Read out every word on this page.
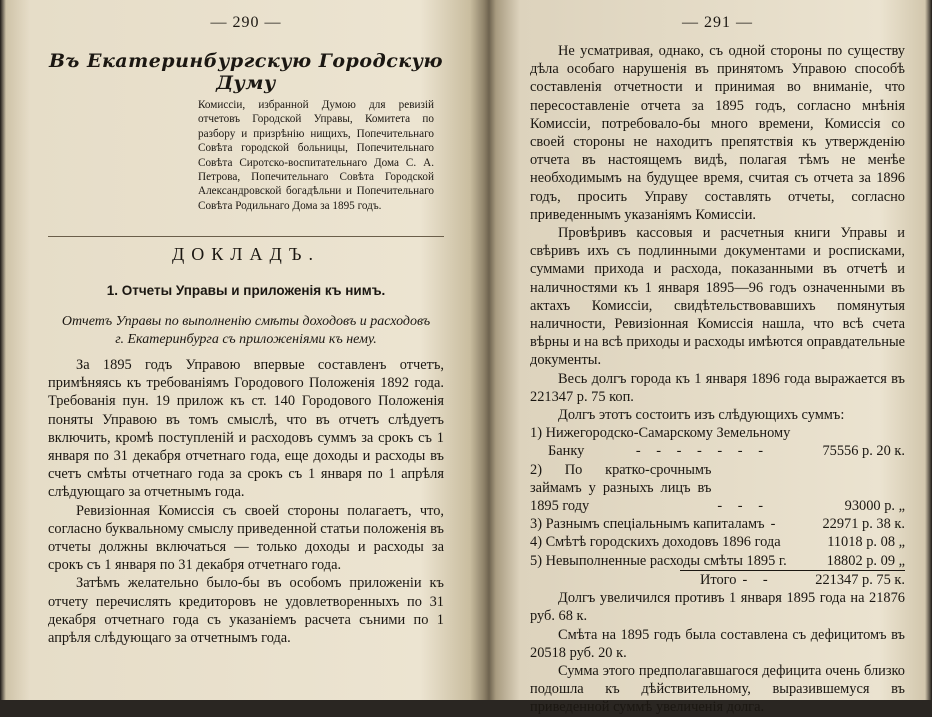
— 290 —
Въ Екатеринбургскую Городскую Думу
Комиссіи, избранной Думою для ревизій отчетовъ Городской Управы, Комитета по разбору и призрѣнію нищихъ, Попечительнаго Совѣта городской больницы, Попечительнаго Совѣта Сиротско-воспитательнаго Дома С. А. Петрова, Попечительнаго Совѣта Городской Александровской богадѣльни и Попечительнаго Совѣта Родильнаго Дома за 1895 годъ.
ДОКЛАДЪ.
1. Отчеты Управы и приложенія къ нимъ.
Отчетъ Управы по выполненію смѣты доходовъ и расходовъ г. Екатеринбурга съ приложеніями къ нему.

За 1895 годъ Управою впервые составленъ отчетъ, примѣняясь къ требованіямъ Городового Положенія 1892 года. Требованія пун. 19 прилож къ ст. 140 Городового Положенія поняты Управою въ томъ смыслѣ, что въ отчетъ слѣдуетъ включить, кромѣ поступленій и расходовъ суммъ за срокъ съ 1 января по 31 декабря отчетнаго года, еще доходы и расходы въ счетъ смѣты отчетнаго года за срокъ съ 1 января по 1 апрѣля слѣдующаго за отчетнымъ года.

Ревизіонная Комиссія съ своей стороны полагаетъ, что, согласно буквальному смыслу приведенной статьи положенія въ отчеты должны включаться — только доходы и расходы за срокъ съ 1 января по 31 декабря отчетнаго года.

Затѣмъ желательно было-бы въ особомъ приложеніи къ отчету перечислять кредиторовъ не удовлетворенныхъ по 31 декабря отчетнаго года съ указаніемъ расчета съними по 1 апрѣля слѣдующаго за отчетнымъ года.

— 291 —

Не усматривая, однако, съ одной стороны по существу дѣла особаго нарушенія въ принятомъ Управою способѣ составленія отчетности и принимая во вниманіе, что пересоставленіе отчета за 1895 годъ, согласно мнѣнія Комиссіи, потребовало-бы много времени, Комиссія со своей стороны не находитъ препятствія къ утвержденію отчета въ настоящемъ видѣ, полагая тѣмъ не менѣе необходимымъ на будущее время, считая съ отчета за 1896 годъ, просить Управу составлять отчеты, согласно приведеннымъ указаніямъ Комиссіи.

Провѣривъ кассовыя и расчетныя книги Управы и свѣривъ ихъ съ подлинными документами и росписками, суммами прихода и расхода, показанными въ отчетѣ и наличностями къ 1 января 1895—96 годъ означенными въ актахъ Комиссіи, свидѣтельствовавшихъ помянутыя наличности, Ревизіонная Комиссія нашла, что всѣ счета вѣрны и на всѣ приходы и расходы имѣются оправдательные документы.

Весь долгъ города къ 1 января 1896 года выражается въ 221347 р. 75 коп.

Долгъ этотъ состоитъ изъ слѣдующихъ суммъ:

1) Нижегородско-Самарскому Земельному
Банку	- - - - - - -	75556 р. 20 к.
2) По кратко-срочнымъ займамъ у разныхъ лицъ въ 1895 году	- - -	93000 р. „
3) Разнымъ спеціальнымъ капиталамъ -	22971 р. 38 к.
4) Смѣтѣ городскихъ доходовъ 1896 года	11018 р. 08 „
5) Невыполненные расходы смѣты 1895 г.	18802 р. 09 „
Итого - -	221347 р. 75 к.

Долгъ увеличился противъ 1 января 1895 года на 21876 руб. 68 к.

Смѣта на 1895 годъ была составлена съ дефицитомъ въ 20518 руб. 20 к.

Сумма этого предполагавшагося дефицита очень близко подошла къ дѣйствительному, выразившемуся въ приведенной суммѣ увеличенія долга.
